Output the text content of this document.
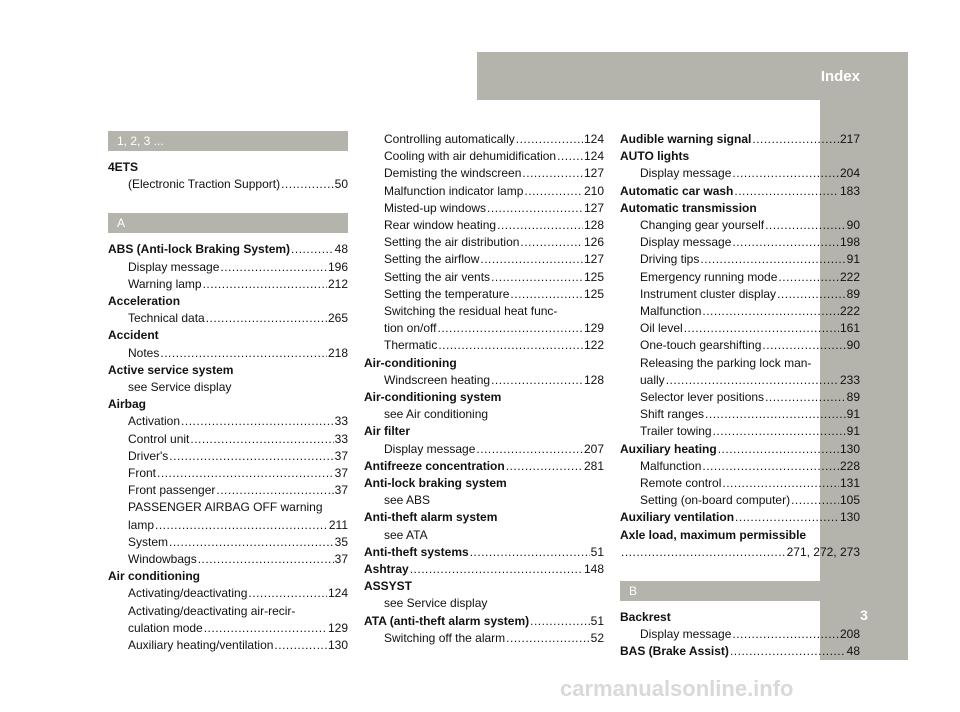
Index
3
1, 2, 3 ...
4ETS
(Electronic Traction Support) .....	50
A
ABS (Anti-lock Braking System) .....	48
Display message .....	196
Warning lamp .....	212
Acceleration
Technical data .....	265
Accident
Notes .....	218
Active service system
see Service display
Airbag
Activation .....	33
Control unit .....	33
Driver's .....	37
Front .....	37
Front passenger .....	37
PASSENGER AIRBAG OFF warning
lamp .....	211
System .....	35
Windowbags .....	37
Air conditioning
Activating/deactivating .....	124
Activating/deactivating air-recir-
culation mode .....	129
Auxiliary heating/ventilation .....	130
Controlling automatically .....	124
Cooling with air dehumidification ..... 124
Demisting the windscreen .....	127
Malfunction indicator lamp .....	210
Misted-up windows .....	127
Rear window heating .....	128
Setting the air distribution .....	126
Setting the airflow .....	127
Setting the air vents .....	125
Setting the temperature .....	125
Switching the residual heat func-
tion on/off .....	129
Thermatic .....	122
Air-conditioning
Windscreen heating .....	128
Air-conditioning system
see Air conditioning
Air filter
Display message .....	207
Antifreeze concentration .....	281
Anti-lock braking system
see ABS
Anti-theft alarm system
see ATA
Anti-theft systems .....	51
Ashtray .....	148
ASSYST
see Service display
ATA (anti-theft alarm system) .....	51
Switching off the alarm .....	52
Audible warning signal .....	217
AUTO lights
Display message .....	204
Automatic car wash .....	183
Automatic transmission
Changing gear yourself .....	90
Display message .....	198
Driving tips .....	91
Emergency running mode .....	222
Instrument cluster display .....	89
Malfunction .....	222
Oil level .....	161
One-touch gearshifting .....	90
Releasing the parking lock man-
ually .....	233
Selector lever positions .....	89
Shift ranges .....	91
Trailer towing .....	91
Auxiliary heating .....	130
Malfunction .....	228
Remote control .....	131
Setting (on-board computer) .....	105
Auxiliary ventilation .....	130
Axle load, maximum permissible
.....
271, 272, 273
B
Backrest
Display message .....	208
BAS (Brake Assist) .....	48
carmanualsonline.info
